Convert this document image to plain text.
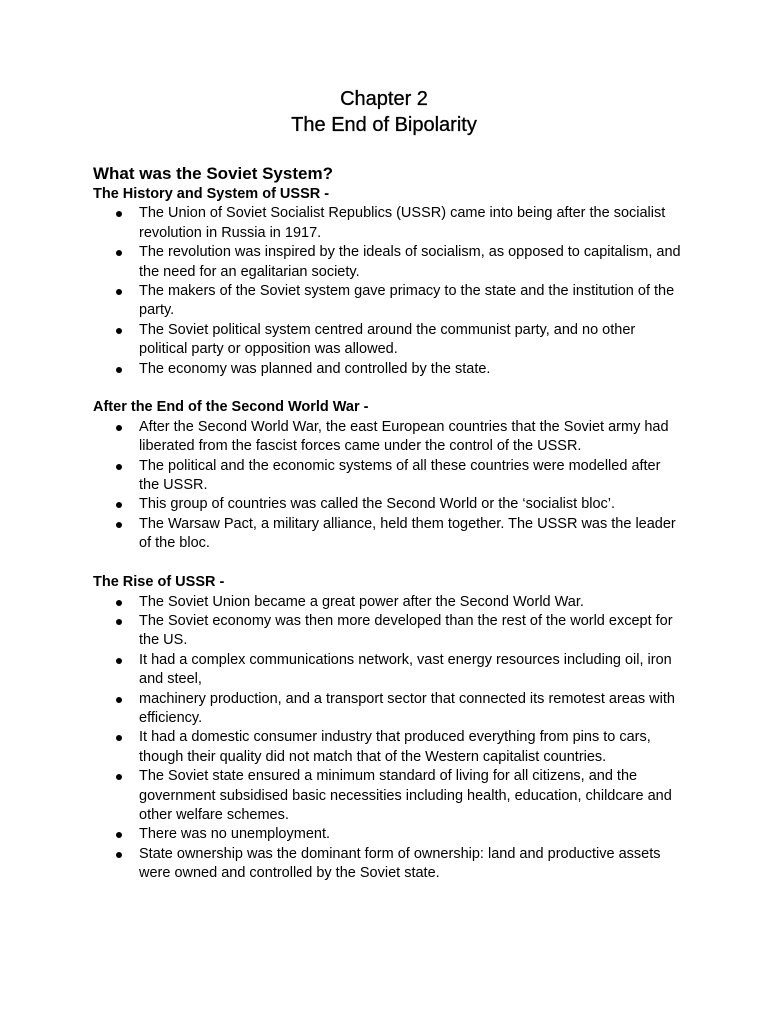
Chapter 2

The End of Bipolarity

What was the Soviet System?
The History and System of USSR -
The Union of Soviet Socialist Republics (USSR) came into being after the socialist revolution in Russia in 1917.
The revolution was inspired by the ideals of socialism, as opposed to capitalism, and the need for an egalitarian society.
The makers of the Soviet system gave primacy to the state and the institution of the party.
The Soviet political system centred around the communist party, and no other political party or opposition was allowed.
The economy was planned and controlled by the state.
After the End of the Second World War -
After the Second World War, the east European countries that the Soviet army had liberated from the fascist forces came under the control of the USSR.
The political and the economic systems of all these countries were modelled after the USSR.
This group of countries was called the Second World or the ‘socialist bloc’.
The Warsaw Pact, a military alliance, held them together. The USSR was the leader of the bloc.
The Rise of USSR -
The Soviet Union became a great power after the Second World War.
The Soviet economy was then more developed than the rest of the world except for the US.
It had a complex communications network, vast energy resources including oil, iron and steel,
machinery production, and a transport sector that connected its remotest areas with efficiency.
It had a domestic consumer industry that produced everything from pins to cars, though their quality did not match that of the Western capitalist countries.
The Soviet state ensured a minimum standard of living for all citizens, and the government subsidised basic necessities including health, education, childcare and other welfare schemes.
There was no unemployment.
State ownership was the dominant form of ownership: land and productive assets were owned and controlled by the Soviet state.
